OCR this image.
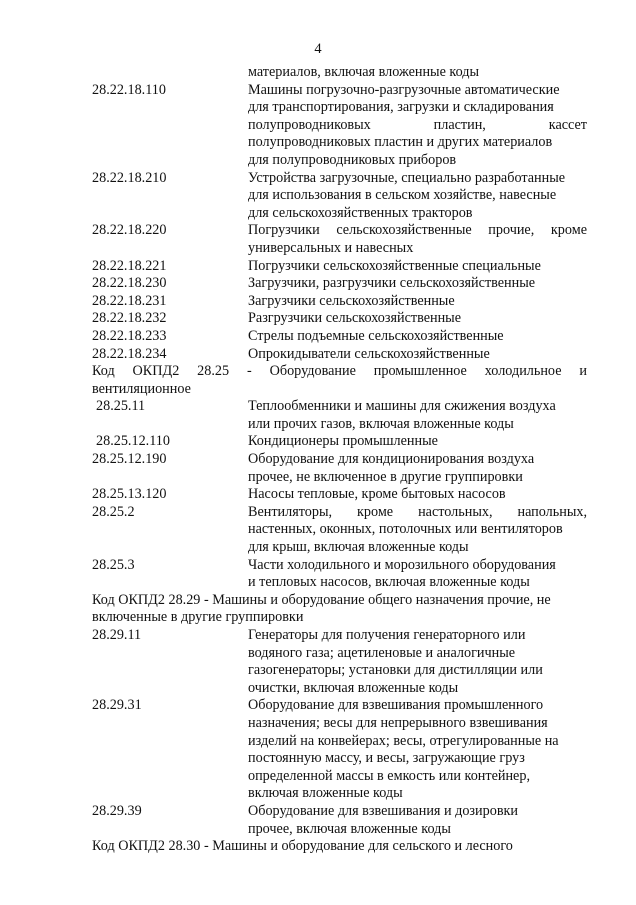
4
материалов, включая вложенные коды
28.22.18.110	Машины погрузочно-разгрузочные автоматические
для транспортирования, загрузки и складирования
полупроводниковых пластин, кассет
полупроводниковых пластин и других материалов
для полупроводниковых приборов
28.22.18.210	Устройства загрузочные, специально разработанные
для использования в сельском хозяйстве, навесные
для сельскохозяйственных тракторов
28.22.18.220	Погрузчики сельскохозяйственные прочие, кроме
универсальных и навесных
28.22.18.221	Погрузчики сельскохозяйственные специальные
28.22.18.230	Загрузчики, разгрузчики сельскохозяйственные
28.22.18.231	Загрузчики сельскохозяйственные
28.22.18.232	Разгрузчики сельскохозяйственные
28.22.18.233	Стрелы подъемные сельскохозяйственные
28.22.18.234	Опрокидыватели сельскохозяйственные
Код ОКПД2 28.25 - Оборудование промышленное холодильное и
вентиляционное
28.25.11	Теплообменники и машины для сжижения воздуха
или прочих газов, включая вложенные коды
28.25.12.110	Кондиционеры промышленные
28.25.12.190	Оборудование для кондиционирования воздуха
прочее, не включенное в другие группировки
28.25.13.120	Насосы тепловые, кроме бытовых насосов
28.25.2	Вентиляторы, кроме настольных, напольных,
настенных, оконных, потолочных или вентиляторов
для крыш, включая вложенные коды
28.25.3	Части холодильного и морозильного оборудования
и тепловых насосов, включая вложенные коды
Код ОКПД2 28.29 - Машины и оборудование общего назначения прочие, не
включенные в другие группировки
28.29.11	Генераторы для получения генераторного или
водяного газа; ацетиленовые и аналогичные
газогенераторы; установки для дистилляции или
очистки, включая вложенные коды
28.29.31	Оборудование для взвешивания промышленного
назначения; весы для непрерывного взвешивания
изделий на конвейерах; весы, отрегулированные на
постоянную массу, и весы, загружающие груз
определенной массы в емкость или контейнер,
включая вложенные коды
28.29.39	Оборудование для взвешивания и дозировки
прочее, включая вложенные коды
Код ОКПД2 28.30 - Машины и оборудование для сельского и лесного
